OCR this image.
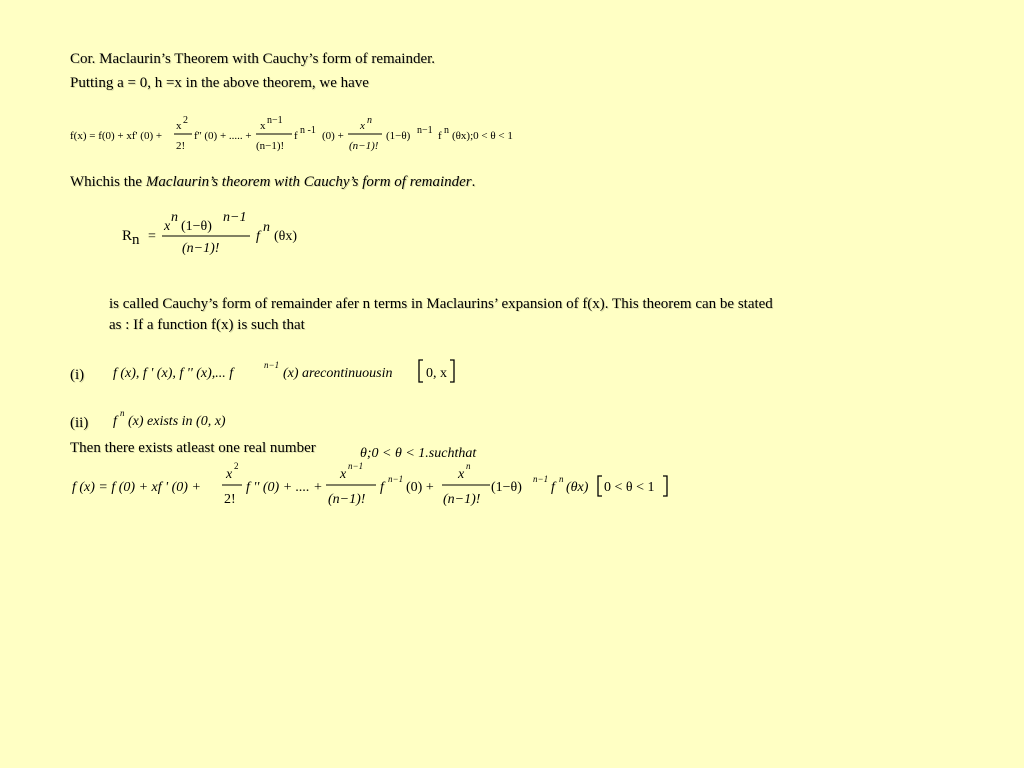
Cor. Maclaurin’s Theorem with Cauchy’s form of remainder.
Putting a = 0, h =x in the above theorem, we have
f(x) = f(0) + xf' (0) +
x 2
2!
f'' (0) + ..... +
x n−1
(n−1)!
f n -1 (0) +
x n
(n−1)!
(1−θ) n−1 f n (θx);0 < θ < 1
Whichis the Maclaurin’s theorem with Cauchy’s form of remainder.
R n =
x
n
(1−θ)
n−1
(n−1)!
f
n
(θx)
is called Cauchy’s form of remainder afer n terms in Maclaurins’ expansion of f(x). This theorem can be stated
as : If a function f(x) is such that
(i) f (x), f ' (x), f '' (x),... f
n−1
(x) arecontinuousin 0, x
(ii) f
n
(x) exists in (0, x)
Then there exists atleast one real number	θ;0 < θ < 1.suchthat
f (x) = f (0) + xf ' (0) +
x
2
2!
f '' (0) + .... +
x
n−1
(n−1)!
f
n−1
(0) +
x
n
(n−1)!
(1−θ)
n−1
f
n
(θx) 0 < θ < 1
